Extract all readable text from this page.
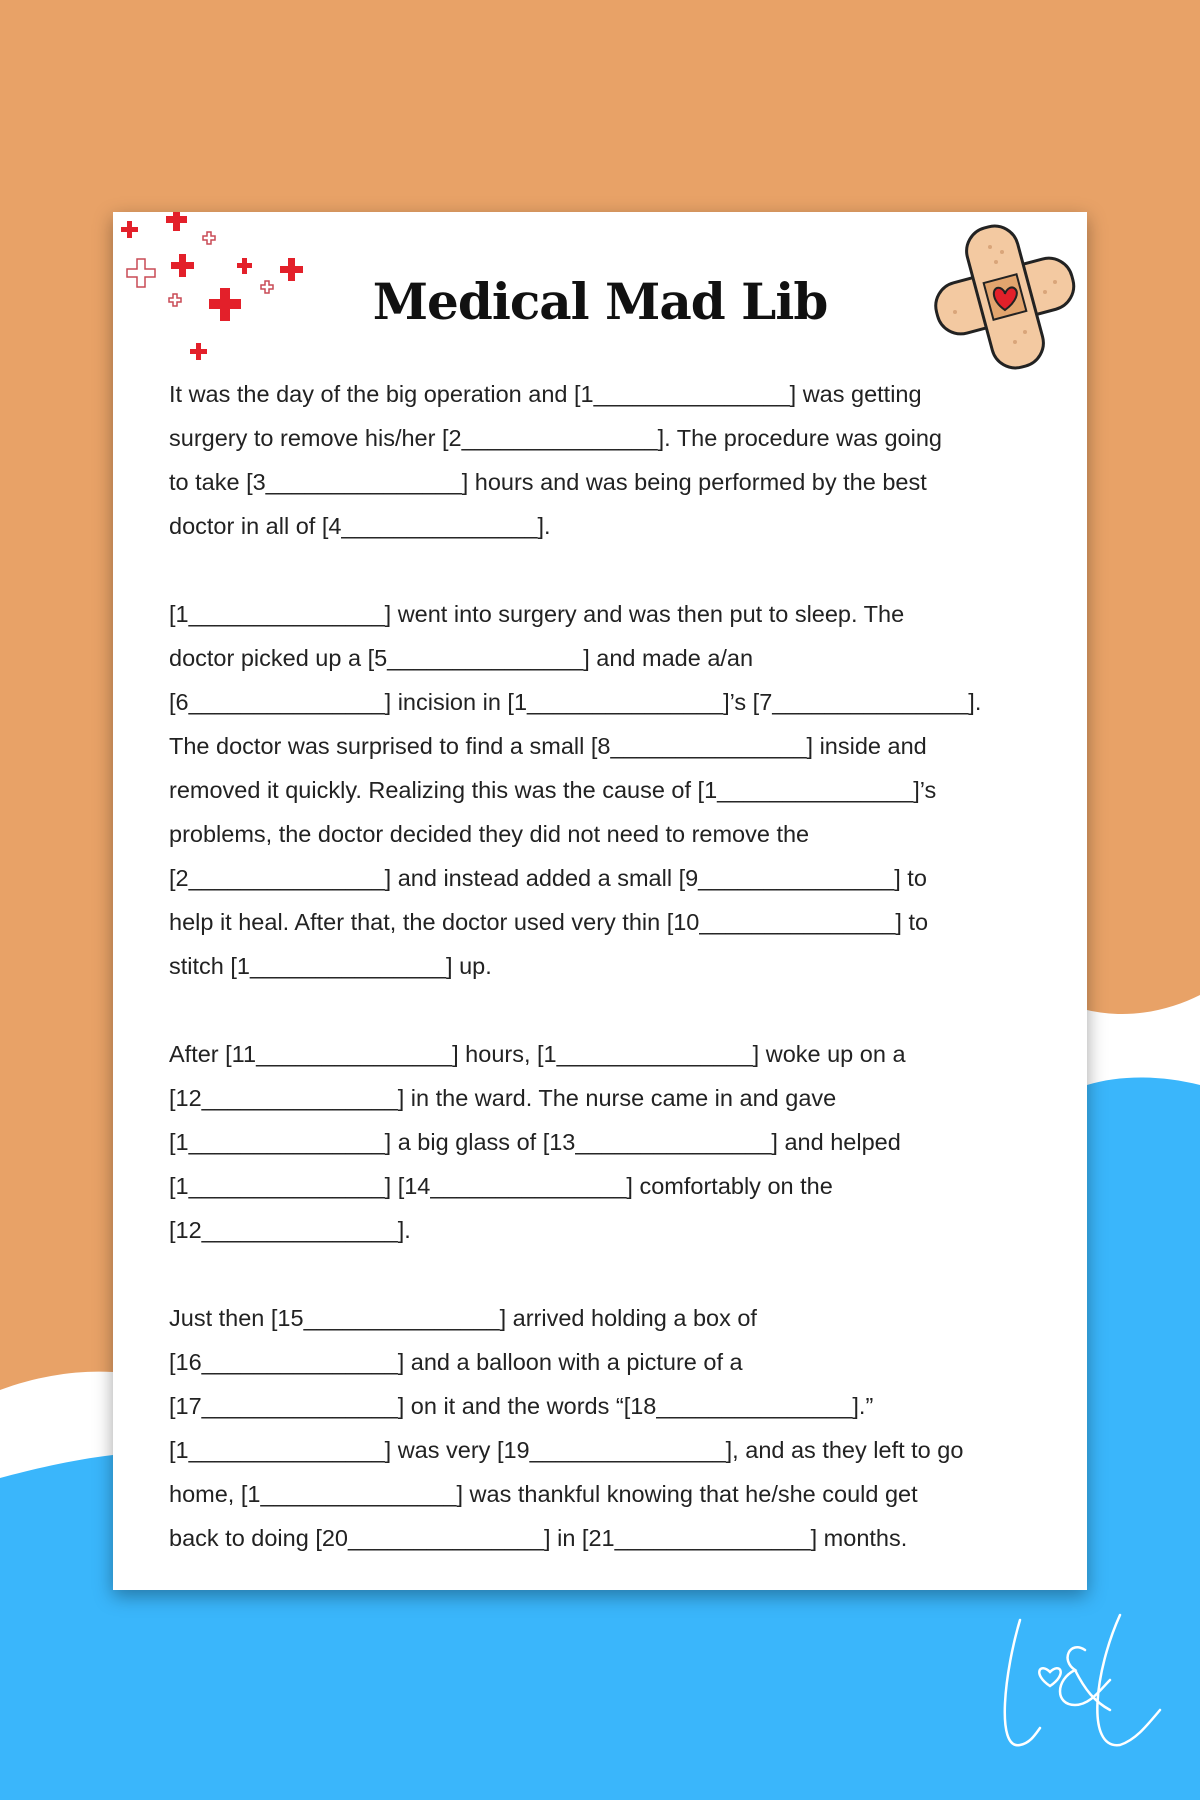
Medical Mad Lib
It was the day of the big operation and [1_______________] was getting
surgery to remove his/her [2_______________]. The procedure was going
to take [3_______________] hours and was being performed by the best
doctor in all of [4_______________].
[1_______________] went into surgery and was then put to sleep. The
doctor picked up a [5_______________] and made a/an
[6_______________] incision in [1_______________]’s [7_______________].
The doctor was surprised to find a small [8_______________] inside and
removed it quickly. Realizing this was the cause of [1_______________]’s
problems, the doctor decided they did not need to remove the
[2_______________] and instead added a small [9_______________] to
help it heal. After that, the doctor used very thin [10_______________] to
stitch [1_______________] up.
After [11_______________] hours, [1_______________] woke up on a
[12_______________] in the ward. The nurse came in and gave
[1_______________] a big glass of [13_______________] and helped
[1_______________] [14_______________] comfortably on the
[12_______________].
Just then [15_______________] arrived holding a box of
[16_______________] and a balloon with a picture of a
[17_______________] on it and the words “[18_______________].”
[1_______________] was very [19_______________], and as they left to go
home, [1_______________] was thankful knowing that he/she could get
back to doing [20_______________] in [21_______________] months.
